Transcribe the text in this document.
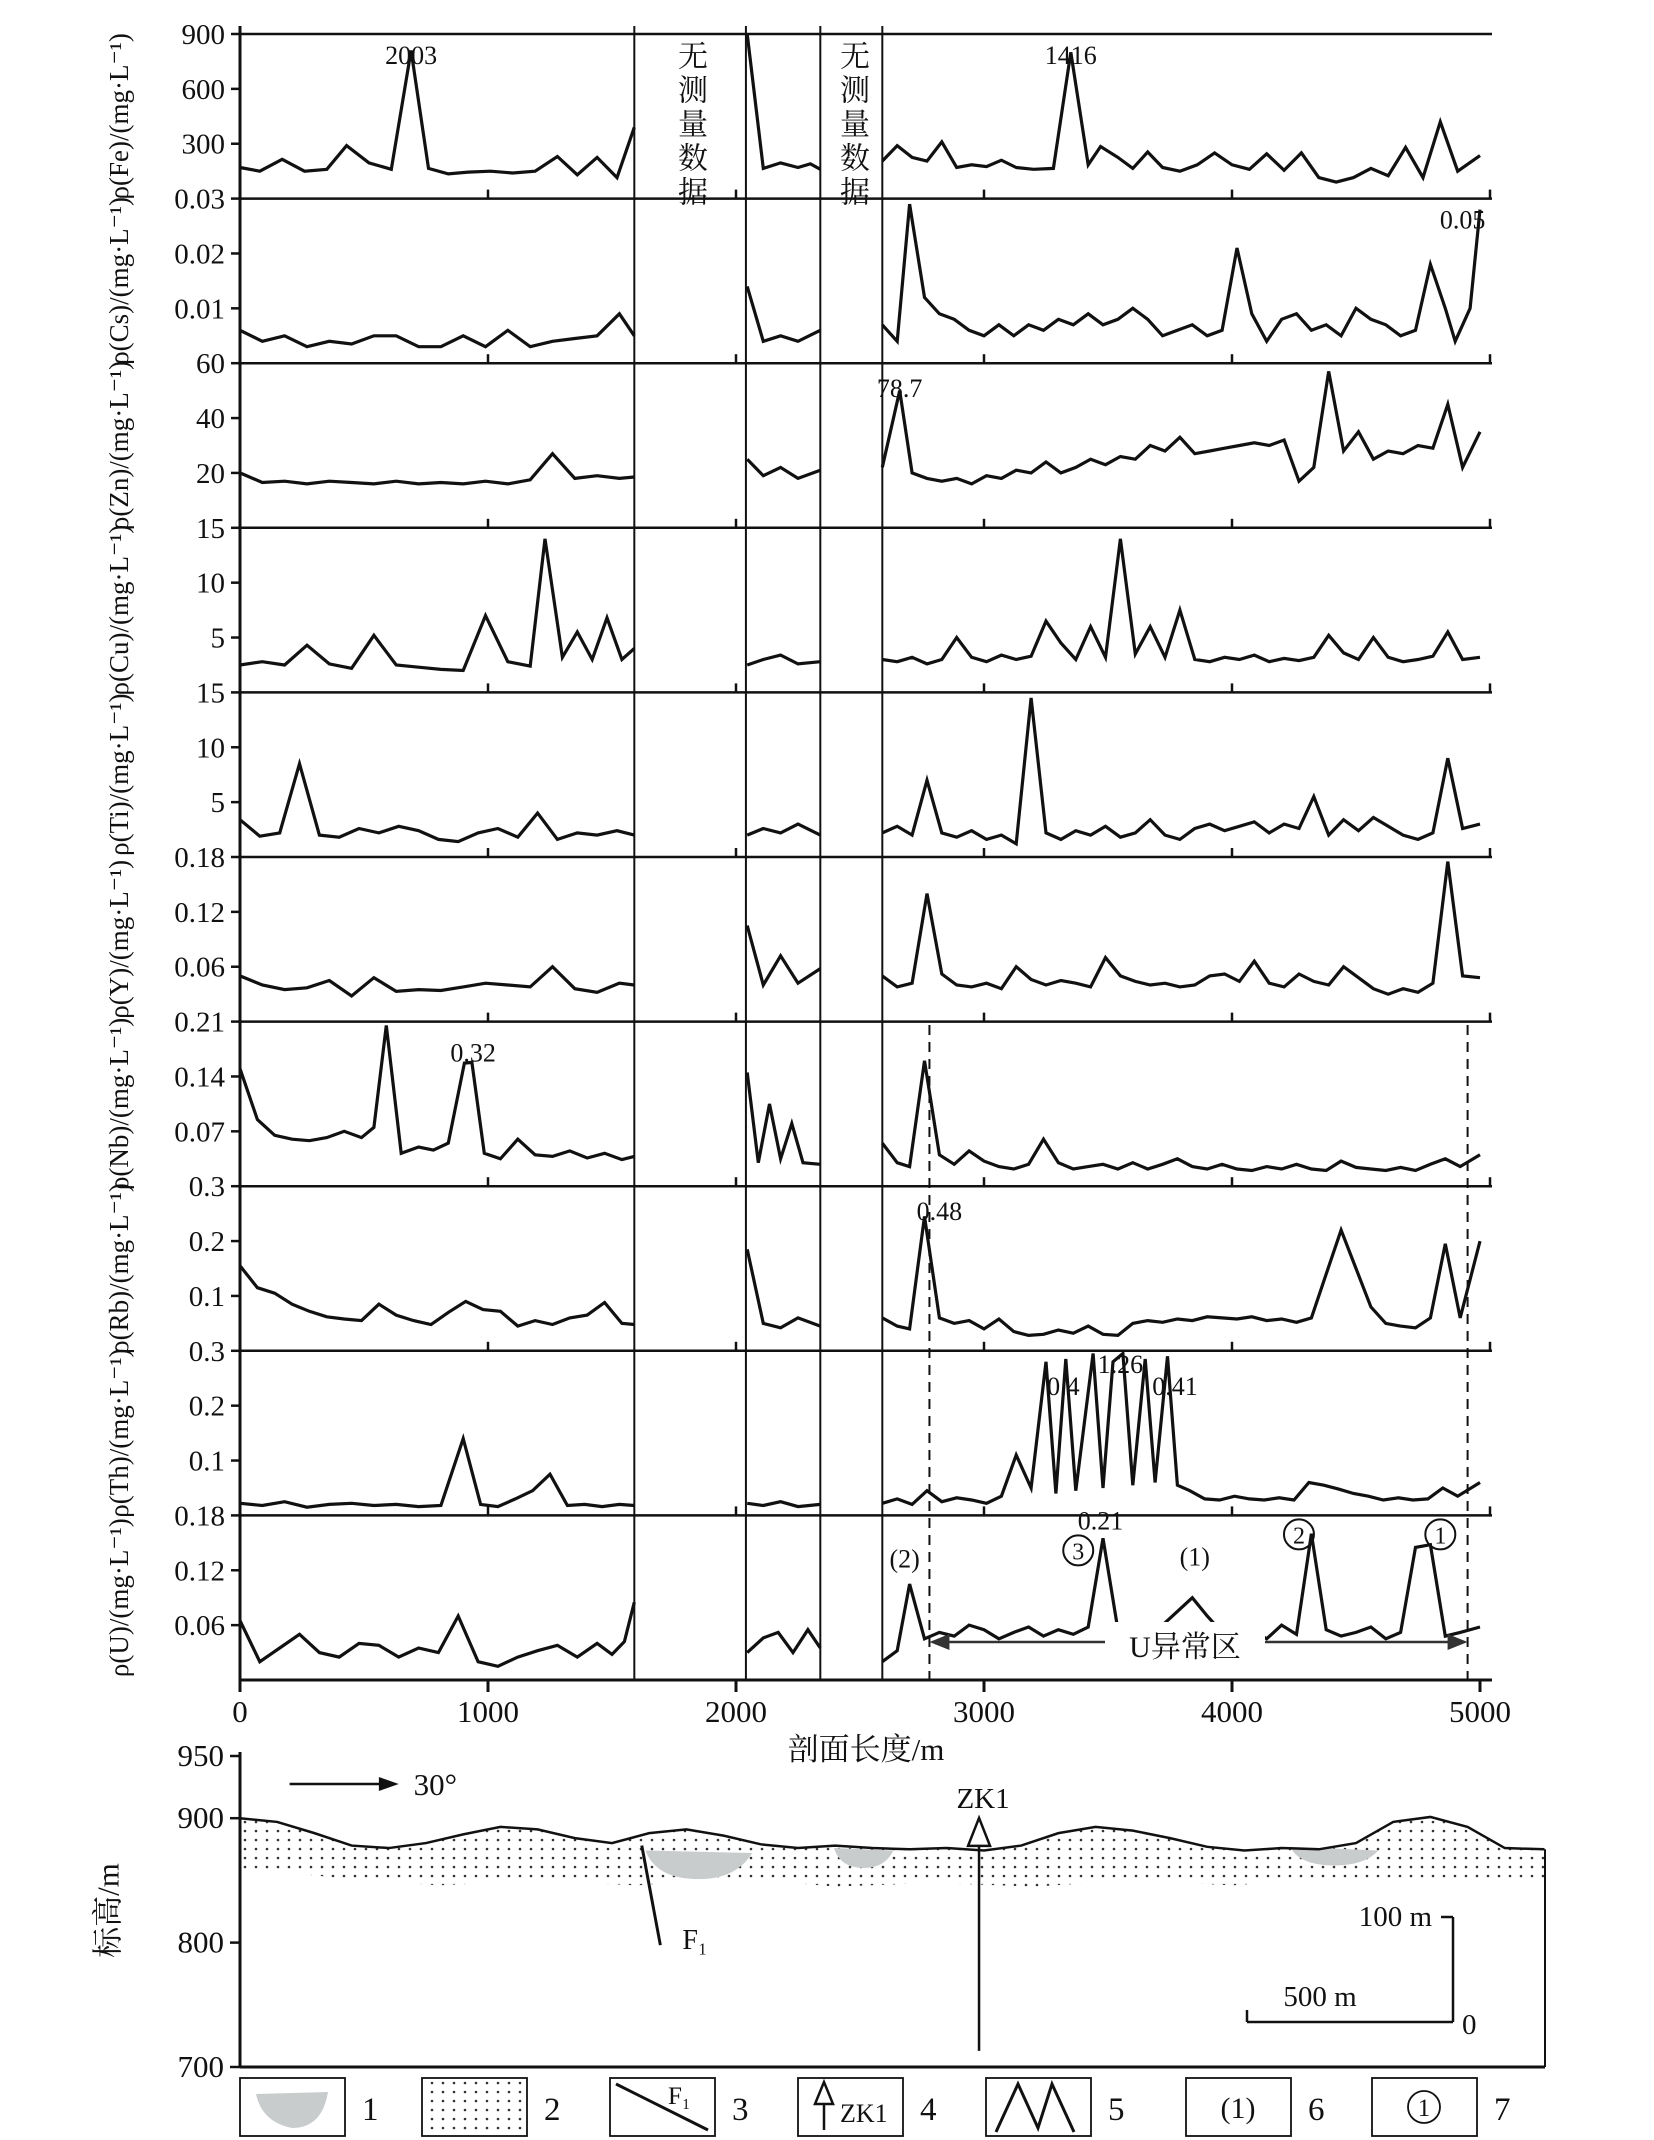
900
600
300
ρ(Fe)/(mg·L⁻¹)	2003	1416
0.03
0.02
0.01
ρ(Cs)/(mg·L⁻¹)	0.05
60
40
20
ρ(Zn)/(mg·L⁻¹)	78.7
15
10
5
ρ(Cu)/(mg·L⁻¹) 15
10
5
ρ(Ti)/(mg·L⁻¹)
0.18
0.12
0.06
ρ(Y)/(mg·L⁻¹)
0.21
0.14
0.07
ρ(Nb)/(mg·L⁻¹)	0.32
0.3
0.2
0.1
ρ(Rb)/(mg·L⁻¹)	0.48
0.3
0.2
0.1
ρ(Th)/(mg·L⁻¹)	0.4
1.26
0.41
0.18
0.12
0.06
ρ(U)/(mg·L⁻¹)	(2)	3
0.21
(1)
2	1
0	1000	2000	3000	4000	5000
950
900
800
700
F₁
ZK1
30°
100 m
500 m
0
1	2	F₁ 3	ZK1 4	5	(1) 6	1 7
无测量数据	无测量数据
剖面长度/m
U异常区
标高/m
